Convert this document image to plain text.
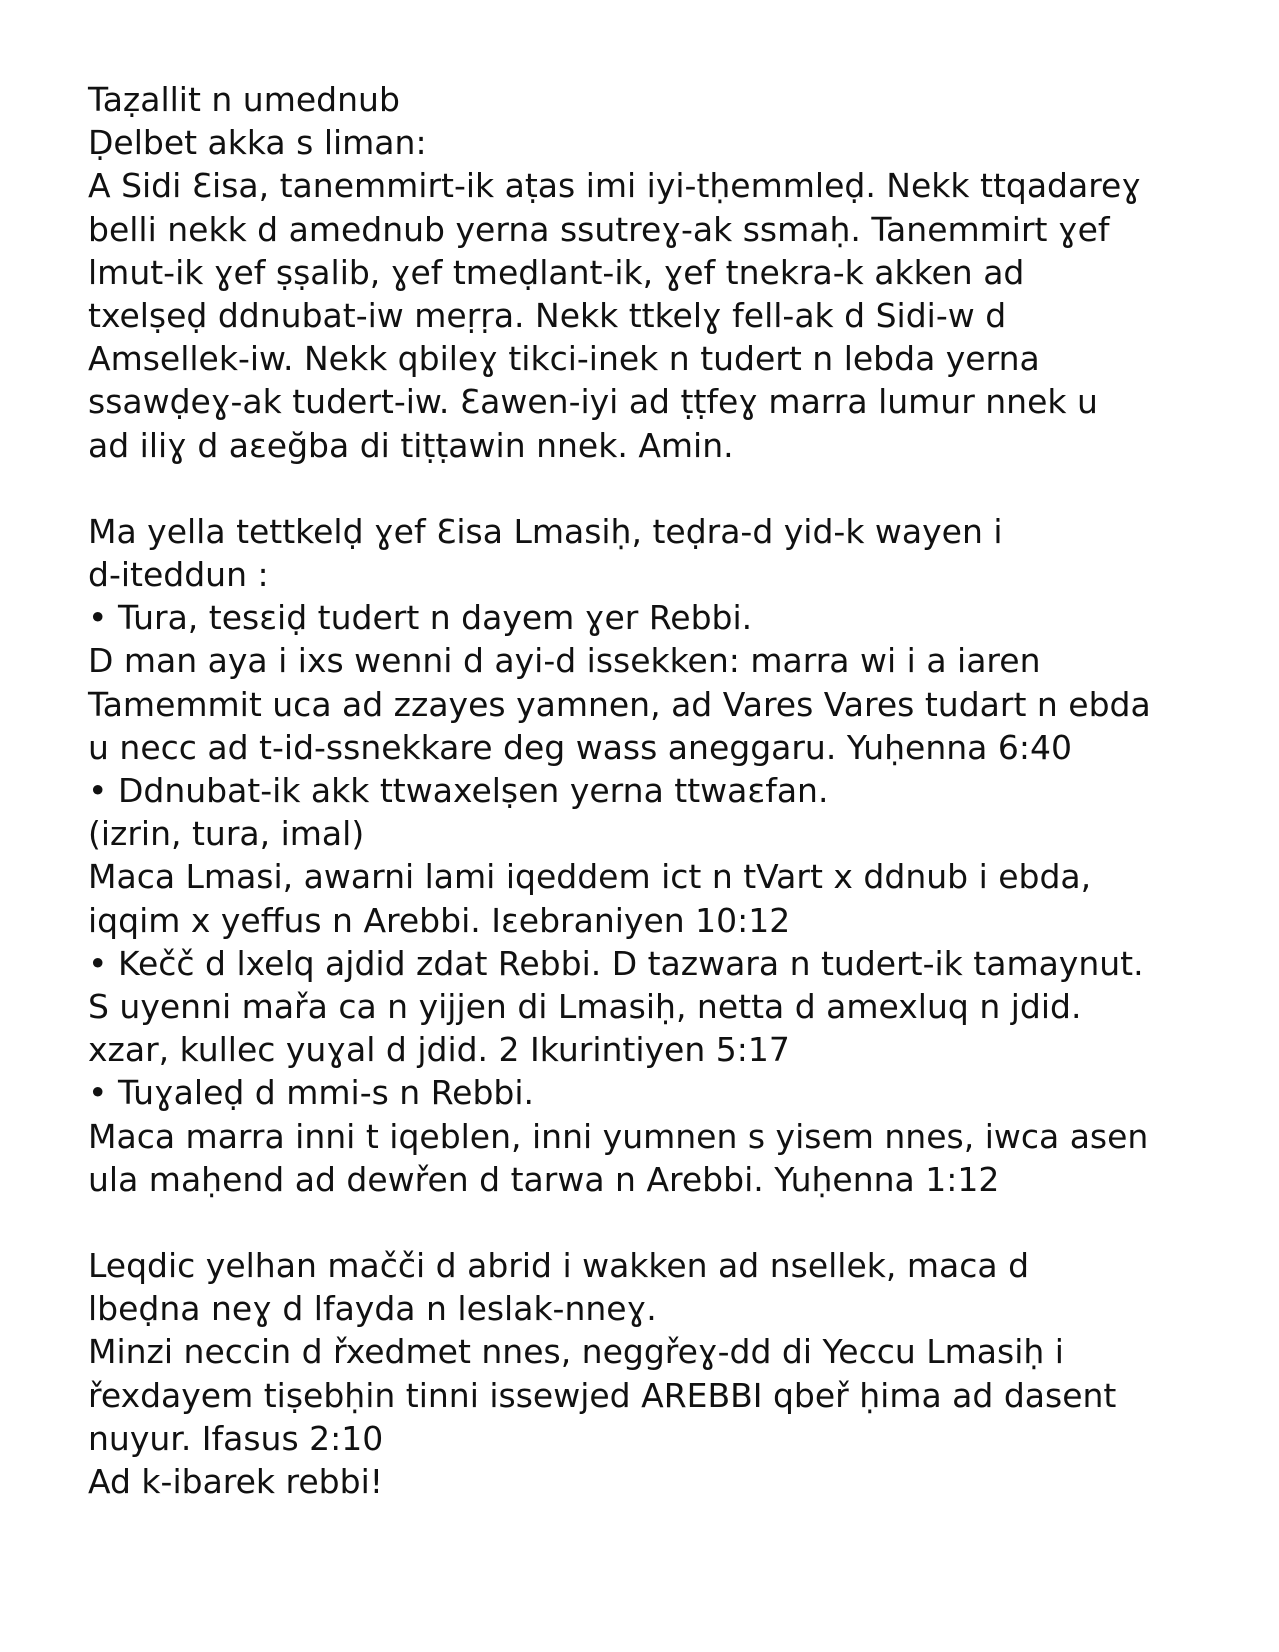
Taẓallit n umednub
Ḍelbet akka s liman:
A Sidi Ɛisa, tanemmirt-ik aṭas imi iyi-tḥemmleḍ. Nekk ttqadareɣ
belli nekk d amednub yerna ssutreɣ-ak ssmaḥ. Tanemmirt ɣef
lmut-ik ɣef ṣṣalib, ɣef tmeḍlant-ik, ɣef tnekra-k akken ad
txelṣeḍ ddnubat-iw meṛṛa. Nekk ttkelɣ fell-ak d Sidi-w d
Amsellek-iw. Nekk qbileɣ tikci-inek n tudert n lebda yerna
ssawḍeɣ-ak tudert-iw. Ɛawen-iyi ad ṭṭfeɣ marra lumur nnek u
ad iliɣ d aɛeğba di tiṭṭawin nnek. Amin.
Ma yella tettkelḍ ɣef Ɛisa Lmasiḥ, teḍra-d yid-k wayen i
d-iteddun :
• Tura, tesɛiḍ tudert n dayem ɣer Rebbi.
D man aya i ixs wenni d ayi-d issekken: marra wi i a iaren
Tamemmit uca ad zzayes yamnen, ad Vares Vares tudart n ebda
u necc ad t-id-ssnekkare deg wass aneggaru. Yuḥenna 6:40
• Ddnubat-ik akk ttwaxelṣen yerna ttwaɛfan.
(izrin, tura, imal)
Maca Lmasi, awarni lami iqeddem ict n tVart x ddnub i ebda,
iqqim x yeffus n Arebbi. Iɛebraniyen 10:12
• Kečč d lxelq ajdid zdat Rebbi. D tazwara n tudert-ik tamaynut.
S uyenni mařa ca n yijjen di Lmasiḥ, netta d amexluq n jdid.
xzar, kullec yuɣal d jdid. 2 Ikurintiyen 5:17
• Tuɣaleḍ d mmi-s n Rebbi.
Maca marra inni t iqeblen, inni yumnen s yisem nnes, iwca asen
ula maḥend ad dewřen d tarwa n Arebbi. Yuḥenna 1:12
Leqdic yelhan mačči d abrid i wakken ad nsellek, maca d
lbeḍna neɣ d lfayda n leslak-nneɣ.
Minzi neccin d řxedmet nnes, neggřeɣ-dd di Yeccu Lmasiḥ i
řexdayem tiṣebḥin tinni issewjed AREBBI qbeř ḥima ad dasent
nuyur. Ifasus 2:10
Ad k-ibarek rebbi!
